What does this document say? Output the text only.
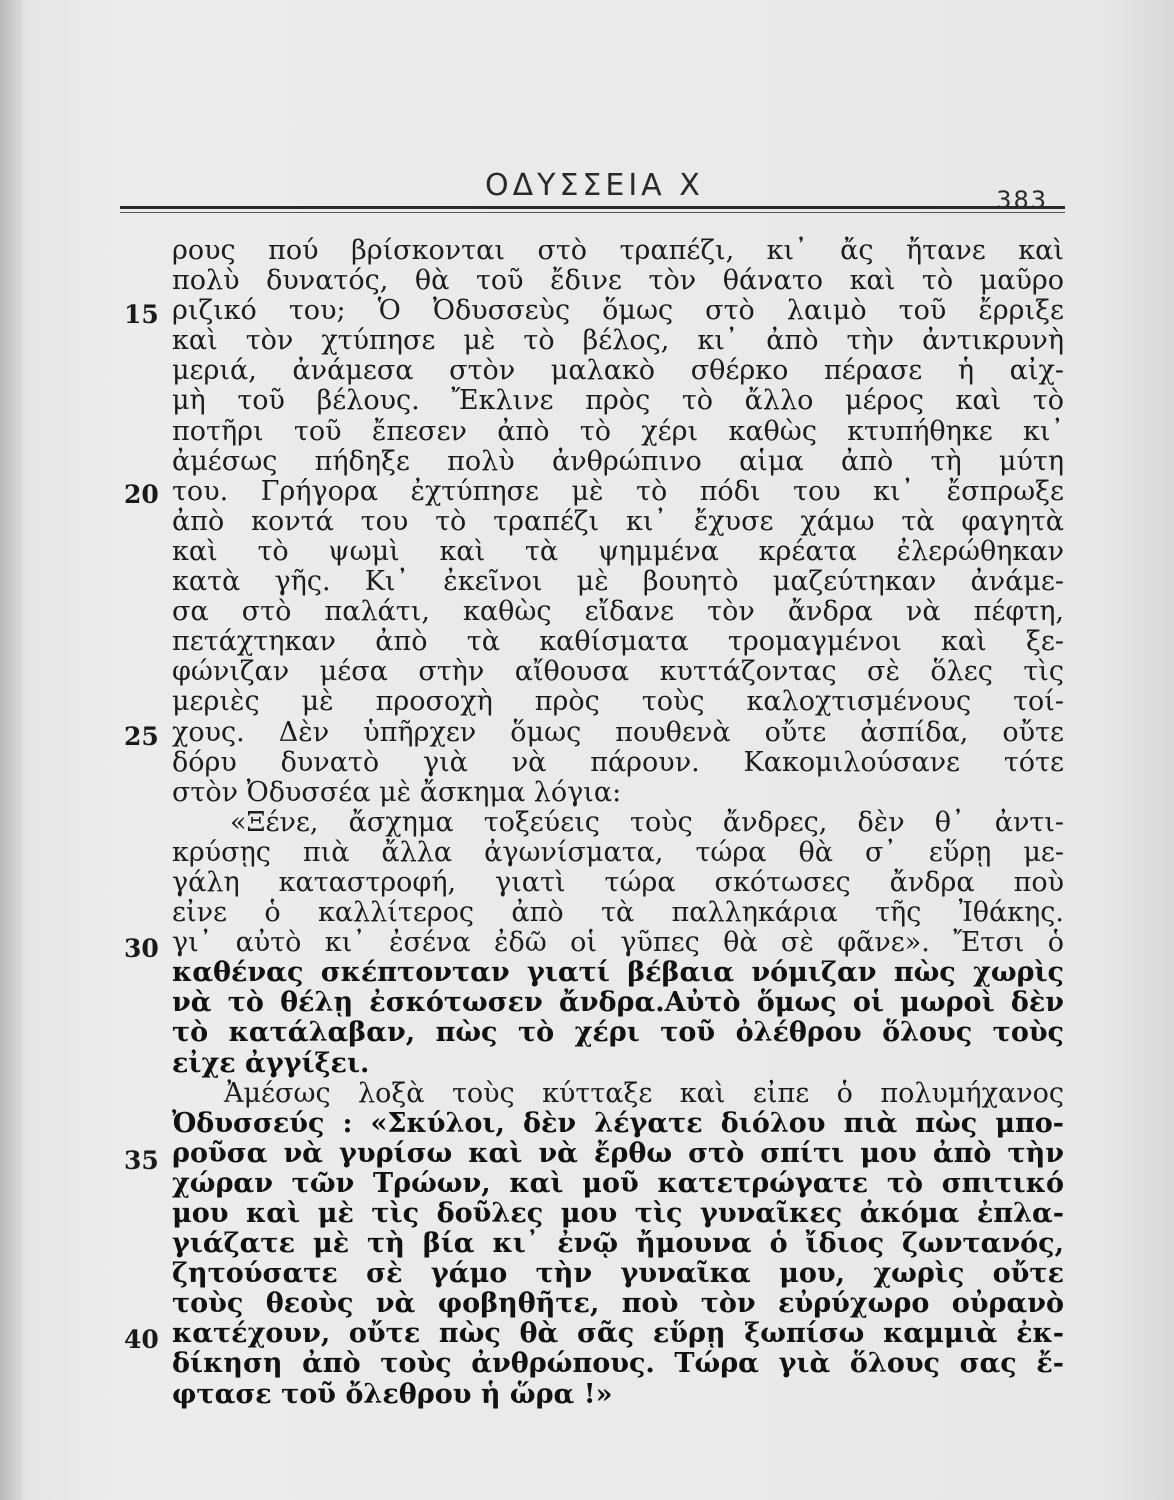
ΟΔΥΣΣΕΙΑ Χ	383
15
20
25
30
35
40
ρους πού βρίσκονται στὸ τραπέζι, κι᾽ ἄς ἤτανε καὶ
πολὺ δυνατός, θὰ τοῦ ἔδινε τὸν θάνατο καὶ τὸ μαῦρο
ριζικό του; Ὁ Ὀδυσσεὺς ὅμως στὸ λαιμὸ τοῦ ἔρριξε
καὶ τὸν χτύπησε μὲ τὸ βέλος, κι᾽ ἀπὸ τὴν ἀντικρυνὴ
μεριά, ἀνάμεσα στὸν μαλακὸ σθέρκο πέρασε ἡ αἰχ-
μὴ τοῦ βέλους. Ἔκλινε πρὸς τὸ ἄλλο μέρος καὶ τὸ
ποτῆρι τοῦ ἔπεσεν ἀπὸ τὸ χέρι καθὼς κτυπήθηκε κι᾽
ἀμέσως πήδηξε πολὺ ἀνθρώπινο αἷμα ἀπὸ τὴ μύτη
του. Γρήγορα ἐχτύπησε μὲ τὸ πόδι του κι᾽ ἔσπρωξε
ἀπὸ κοντά του τὸ τραπέζι κι᾽ ἔχυσε χάμω τὰ φαγητὰ
καὶ τὸ ψωμὶ καὶ τὰ ψημμένα κρέατα ἐλερώθηκαν
κατὰ γῆς. Κι᾽ ἐκεῖνοι μὲ βουητὸ μαζεύτηκαν ἀνάμε-
σα στὸ παλάτι, καθὼς εἴδανε τὸν ἄνδρα νὰ πέφτη,
πετάχτηκαν ἀπὸ τὰ καθίσματα τρομαγμένοι καὶ ξε-
φώνιζαν μέσα στὴν αἴθουσα κυττάζοντας σὲ ὅλες τὶς
μεριὲς μὲ προσοχὴ πρὸς τοὺς καλοχτισμένους τοί-
χους. Δὲν ὑπῆρχεν ὅμως πουθενὰ οὔτε ἀσπίδα, οὔτε
δόρυ δυνατὸ γιὰ νὰ πάρουν. Κακομιλούσανε τότε
στὸν Ὀδυσσέα μὲ ἄσκημα λόγια:
«Ξένε, ἄσχημα τοξεύεις τοὺς ἄνδρες, δὲν θ᾽ ἀντι-
κρύσῃς πιὰ ἄλλα ἀγωνίσματα, τώρα θὰ σ᾽ εὕρῃ με-
γάλη καταστροφή, γιατὶ τώρα σκότωσες ἄνδρα ποὺ
εἶνε ὁ καλλίτερος ἀπὸ τὰ παλληκάρια τῆς Ἰθάκης.
γι᾽ αὐτὸ κι᾽ ἐσένα ἐδῶ οἱ γῦπες θὰ σὲ φᾶνε». Ἔτσι ὁ
καθένας σκέπτονταν γιατί βέβαια νόμιζαν πὼς χωρὶς
νὰ τὸ θέλῃ ἐσκότωσεν ἄνδρα.Αὐτὸ ὅμως οἱ μωροὶ δὲν
τὸ κατάλαβαν, πὼς τὸ χέρι τοῦ ὀλέθρου ὅλους τοὺς
εἶχε ἀγγίξει.
Ἀμέσως λοξὰ τοὺς κύτταξε καὶ εἶπε ὁ πολυμήχανος
Ὀδυσσεύς : «Σκύλοι, δὲν λέγατε διόλου πιὰ πὼς μπο-
ροῦσα νὰ γυρίσω καὶ νὰ ἔρθω στὸ σπίτι μου ἀπὸ τὴν
χώραν τῶν Τρώων, καὶ μοῦ κατετρώγατε τὸ σπιτικό
μου καὶ μὲ τὶς δοῦλες μου τὶς γυναῖκες ἀκόμα ἐπλα-
γιάζατε μὲ τὴ βία κι᾽ ἐνῷ ἤμουνα ὁ ἴδιος ζωντανός,
ζητούσατε σὲ γάμο τὴν γυναῖκα μου, χωρὶς οὔτε
τοὺς θεοὺς νὰ φοβηθῆτε, ποὺ τὸν εὐρύχωρο οὐρανὸ
κατέχουν, οὔτε πὼς θὰ σᾶς εὕρῃ ξωπίσω καμμιὰ ἐκ-
δίκηση ἀπὸ τοὺς ἀνθρώπους. Τώρα γιὰ ὅλους σας ἔ-
φτασε τοῦ ὄλεθρου ἡ ὥρα !»
